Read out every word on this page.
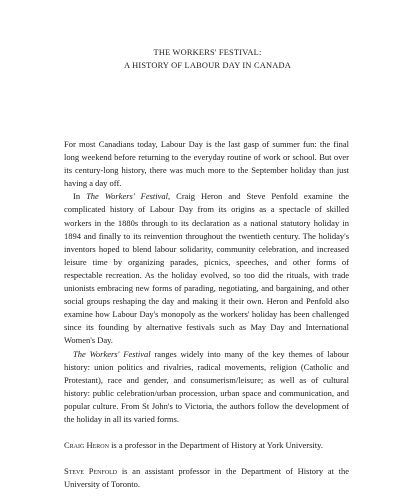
THE WORKERS' FESTIVAL:
A HISTORY OF LABOUR DAY IN CANADA

For most Canadians today, Labour Day is the last gasp of summer fun: the final long weekend before returning to the everyday routine of work or school. But over its century-long history, there was much more to the September holiday than just having a day off.

In The Workers' Festival, Craig Heron and Steve Penfold examine the complicated history of Labour Day from its origins as a spectacle of skilled workers in the 1880s through to its declaration as a national statutory holiday in 1894 and finally to its reinvention throughout the twentieth century. The holiday's inventors hoped to blend labour solidarity, community celebration, and increased leisure time by organizing parades, picnics, speeches, and other forms of respectable recreation. As the holiday evolved, so too did the rituals, with trade unionists embracing new forms of parading, negotiating, and bargaining, and other social groups reshaping the day and making it their own. Heron and Penfold also examine how Labour Day's monopoly as the workers' holiday has been challenged since its founding by alternative festivals such as May Day and International Women's Day.

The Workers' Festival ranges widely into many of the key themes of labour history: union politics and rivalries, radical movements, religion (Catholic and Protestant), race and gender, and consumerism/leisure; as well as of cultural history: public celebration/urban procession, urban space and communication, and popular culture. From St John's to Victoria, the authors follow the development of the holiday in all its varied forms.

Craig Heron is a professor in the Department of History at York University.

Steve Penfold is an assistant professor in the Department of History at the University of Toronto.
